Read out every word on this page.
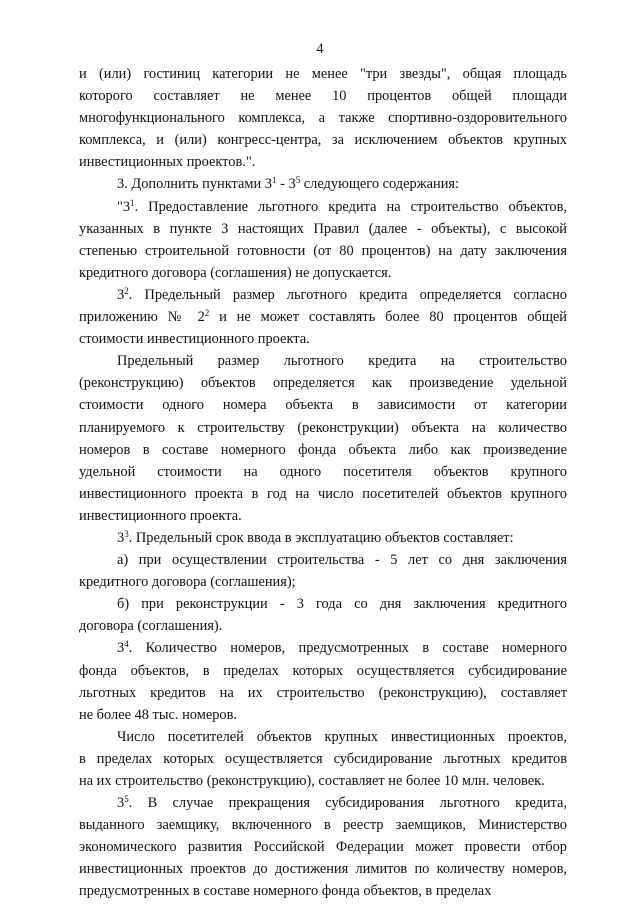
4
и (или) гостиниц категории не менее "три звезды", общая площадь
которого составляет не менее 10 процентов общей площади
многофункционального комплекса, а также спортивно-оздоровительного
комплекса, и (или) конгресс-центра, за исключением объектов крупных
инвестиционных проектов.".
3. Дополнить пунктами $3^1 - 3^5$ следующего содержания:
"$3^1$. Предоставление льготного кредита на строительство объектов,
указанных в пункте 3 настоящих Правил (далее - объекты), с высокой
степенью строительной готовности (от 80 процентов) на дату заключения
кредитного договора (соглашения) не допускается.
$3^2$. Предельный размер льготного кредита определяется согласно
приложению № $2^2$ и не может составлять более 80 процентов общей
стоимости инвестиционного проекта.
Предельный размер льготного кредита на строительство
(реконструкцию) объектов определяется как произведение удельной
стоимости одного номера объекта в зависимости от категории
планируемого к строительству (реконструкции) объекта на количество
номеров в составе номерного фонда объекта либо как произведение
удельной стоимости на одного посетителя объектов крупного
инвестиционного проекта в год на число посетителей объектов крупного
инвестиционного проекта.
$3^3$. Предельный срок ввода в эксплуатацию объектов составляет:
а) при осуществлении строительства - 5 лет со дня заключения
кредитного договора (соглашения);
б) при реконструкции - 3 года со дня заключения кредитного
договора (соглашения).
$3^4$. Количество номеров, предусмотренных в составе номерного
фонда объектов, в пределах которых осуществляется субсидирование
льготных кредитов на их строительство (реконструкцию), составляет
не более 48 тыс. номеров.
Число посетителей объектов крупных инвестиционных проектов,
в пределах которых осуществляется субсидирование льготных кредитов
на их строительство (реконструкцию), составляет не более 10 млн. человек.
$3^5$. В случае прекращения субсидирования льготного кредита,
выданного заемщику, включенного в реестр заемщиков, Министерство
экономического развития Российской Федерации может провести отбор
инвестиционных проектов до достижения лимитов по количеству номеров,
предусмотренных в составе номерного фонда объектов, в пределах
